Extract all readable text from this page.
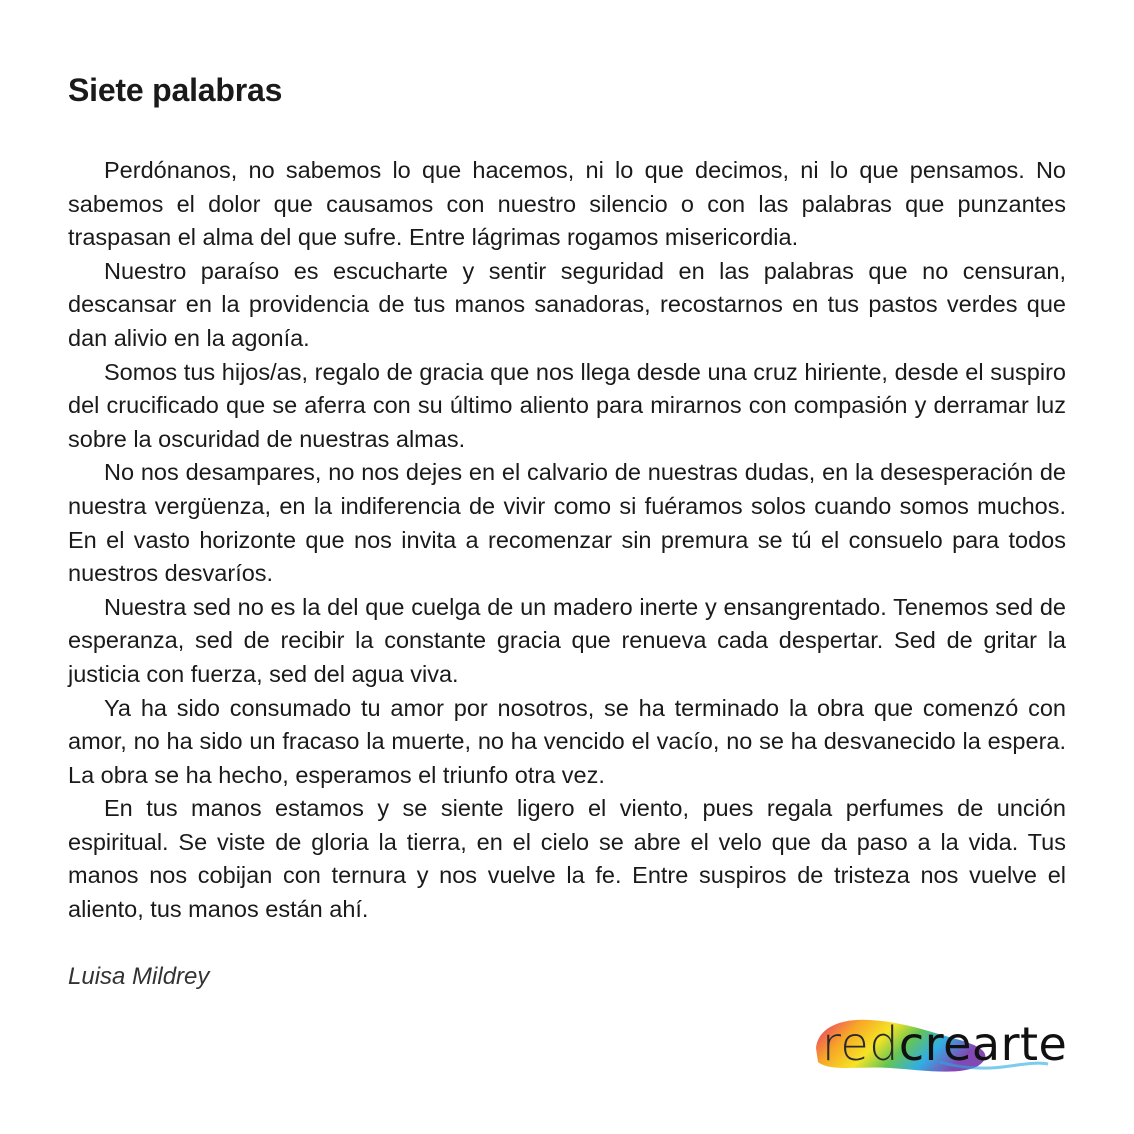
Siete palabras

Perdónanos, no sabemos lo que hacemos, ni lo que decimos, ni lo que pensamos. No sabemos el dolor que causamos con nuestro silencio o con las palabras que punzantes traspasan el alma del que sufre. Entre lágrimas rogamos misericordia.

Nuestro paraíso es escucharte y sentir seguridad en las palabras que no censuran, descansar en la providencia de tus manos sanadoras, recostarnos en tus pastos verdes que dan alivio en la agonía.

Somos tus hijos/as, regalo de gracia que nos llega desde una cruz hiriente, desde el suspiro del crucificado que se aferra con su último aliento para mirarnos con compasión y derramar luz sobre la oscuridad de nuestras almas.

No nos desampares, no nos dejes en el calvario de nuestras dudas, en la desesperación de nuestra vergüenza, en la indiferencia de vivir como si fuéramos solos cuando somos muchos. En el vasto horizonte que nos invita a recomenzar sin premura se tú el consuelo para todos nuestros desvaríos.

Nuestra sed no es la del que cuelga de un madero inerte y ensangrentado. Tenemos sed de esperanza, sed de recibir la constante gracia que renueva cada despertar. Sed de gritar la justicia con fuerza, sed del agua viva.

Ya ha sido consumado tu amor por nosotros, se ha terminado la obra que comenzó con amor, no ha sido un fracaso la muerte, no ha vencido el vacío, no se ha desvanecido la espera. La obra se ha hecho, esperamos el triunfo otra vez.

En tus manos estamos y se siente ligero el viento, pues regala perfumes de unción espiritual. Se viste de gloria la tierra, en el cielo se abre el velo que da paso a la vida. Tus manos nos cobijan con ternura y nos vuelve la fe. Entre suspiros de tristeza nos vuelve el aliento, tus manos están ahí.

Luisa Mildrey
redcrearte
